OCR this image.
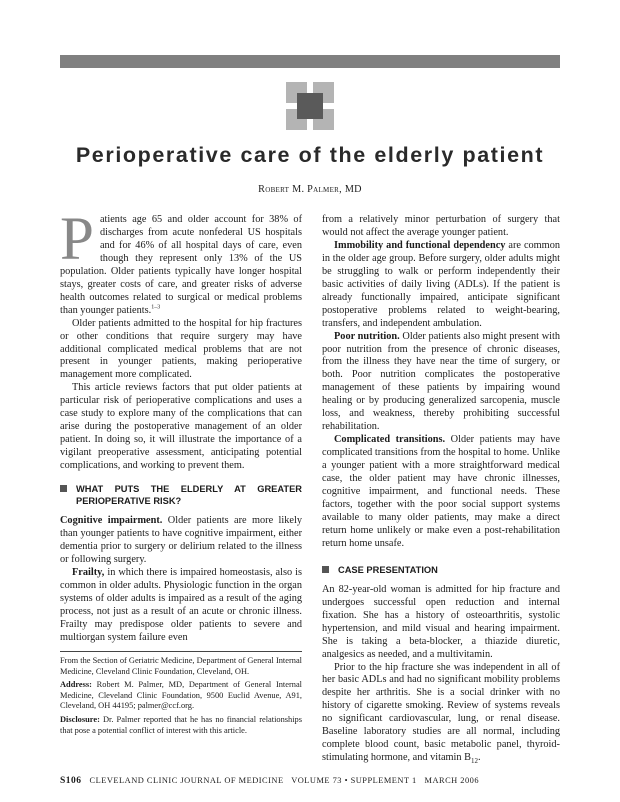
Perioperative care of the elderly patient
Robert M. Palmer, MD
P atients age 65 and older account for 38% of discharges from acute nonfederal US hospitals and for 46% of all hospital days of care, even though they represent only 13% of the US population. Older patients typically have longer hospital stays, greater costs of care, and greater risks of adverse health outcomes related to surgical or medical problems than younger patients.$^{1-3}$

Older patients admitted to the hospital for hip fractures or other conditions that require surgery may have additional complicated medical problems that are not present in younger patients, making perioperative management more complicated.

This article reviews factors that put older patients at particular risk of perioperative complications and uses a case study to explore many of the complications that can arise during the postoperative management of an older patient. In doing so, it will illustrate the importance of a vigilant preoperative assessment, anticipating potential complications, and working to prevent them.

WHAT PUTS THE ELDERLY AT GREATER PERIOPERATIVE RISK?

Cognitive impairment. Older patients are more likely than younger patients to have cognitive impairment, either dementia prior to surgery or delirium related to the illness or following surgery.

Frailty, in which there is impaired homeostasis, also is common in older adults. Physiologic function in the organ systems of older adults is impaired as a result of the aging process, not just as a result of an acute or chronic illness. Frailty may predispose older patients to severe and multiorgan system failure even

from a relatively minor perturbation of surgery that would not affect the average younger patient.

Immobility and functional dependency are common in the older age group. Before surgery, older adults might be struggling to walk or perform independently their basic activities of daily living (ADLs). If the patient is already functionally impaired, anticipate significant postoperative problems related to weight-bearing, transfers, and independent ambulation.

Poor nutrition. Older patients also might present with poor nutrition from the presence of chronic diseases, from the illness they have near the time of surgery, or both. Poor nutrition complicates the postoperative management of these patients by impairing wound healing or by producing generalized sarcopenia, muscle loss, and weakness, thereby prohibiting successful rehabilitation.

Complicated transitions. Older patients may have complicated transitions from the hospital to home. Unlike a younger patient with a more straightforward medical case, the older patient may have chronic illnesses, cognitive impairment, and functional needs. These factors, together with the poor social support systems available to many older patients, may make a direct return home unlikely or make even a post-rehabilitation return home unsafe.

CASE PRESENTATION

An 82-year-old woman is admitted for hip fracture and undergoes successful open reduction and internal fixation. She has a history of osteoarthritis, systolic hypertension, and mild visual and hearing impairment. She is taking a beta-blocker, a thiazide diuretic, analgesics as needed, and a multivitamin.

Prior to the hip fracture she was independent in all of her basic ADLs and had no significant mobility problems despite her arthritis. She is a social drinker with no history of cigarette smoking. Review of systems reveals no significant cardiovascular, lung, or renal disease. Baseline laboratory studies are all normal, including complete blood count, basic metabolic panel, thyroid-stimulating hormone, and vitamin $B_{12}$.

From the Section of Geriatric Medicine, Department of General Internal Medicine, Cleveland Clinic Foundation, Cleveland, OH.

Address: Robert M. Palmer, MD, Department of General Internal Medicine, Cleveland Clinic Foundation, 9500 Euclid Avenue, A91, Cleveland, OH 44195; palmer@ccf.org.

Disclosure: Dr. Palmer reported that he has no financial relationships that pose a potential conflict of interest with this article.

S106 CLEVELAND CLINIC JOURNAL OF MEDICINE   VOLUME 73 • SUPPLEMENT 1   MARCH 2006
